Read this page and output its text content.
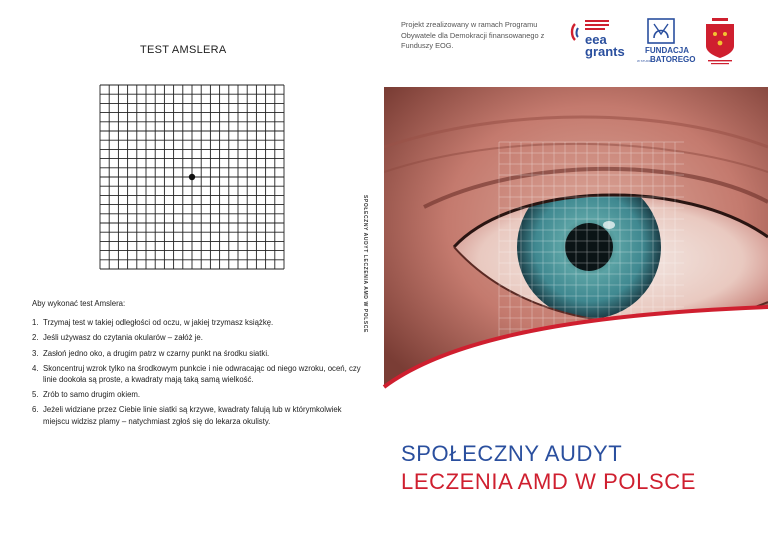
TEST AMSLERA
Aby wykonać test Amslera:
1. Trzymaj test w takiej odległości od oczu, w jakiej trzymasz książkę.
2. Jeśli używasz do czytania okularów – załóż je.
3. Zasłoń jedno oko, a drugim patrz w czarny punkt na środku siatki.
4. Skoncentruj wzrok tylko na środkowym punkcie i nie odwracając od niego wzroku, oceń, czy linie dookoła są proste, a kwadraty mają taką samą wielkość.
5. Zrób to samo drugim okiem.
6. Jeżeli widziane przez Ciebie linie siatki są krzywe, kwadraty falują lub w którymkolwiek miejscu widzisz plamy – natychmiast zgłoś się do lekarza okulisty.
SPOŁECZNY AUDYT LECZENIA AMD W POLSCE
Projekt zrealizowany w ramach Programu Obywatele dla Demokracji finansowanego z Funduszy EOG.	eea
grants	FUNDACJA
W STUDIO
BATOREGO
SPOŁECZNY AUDYT
LECZENIA AMD W POLSCE
